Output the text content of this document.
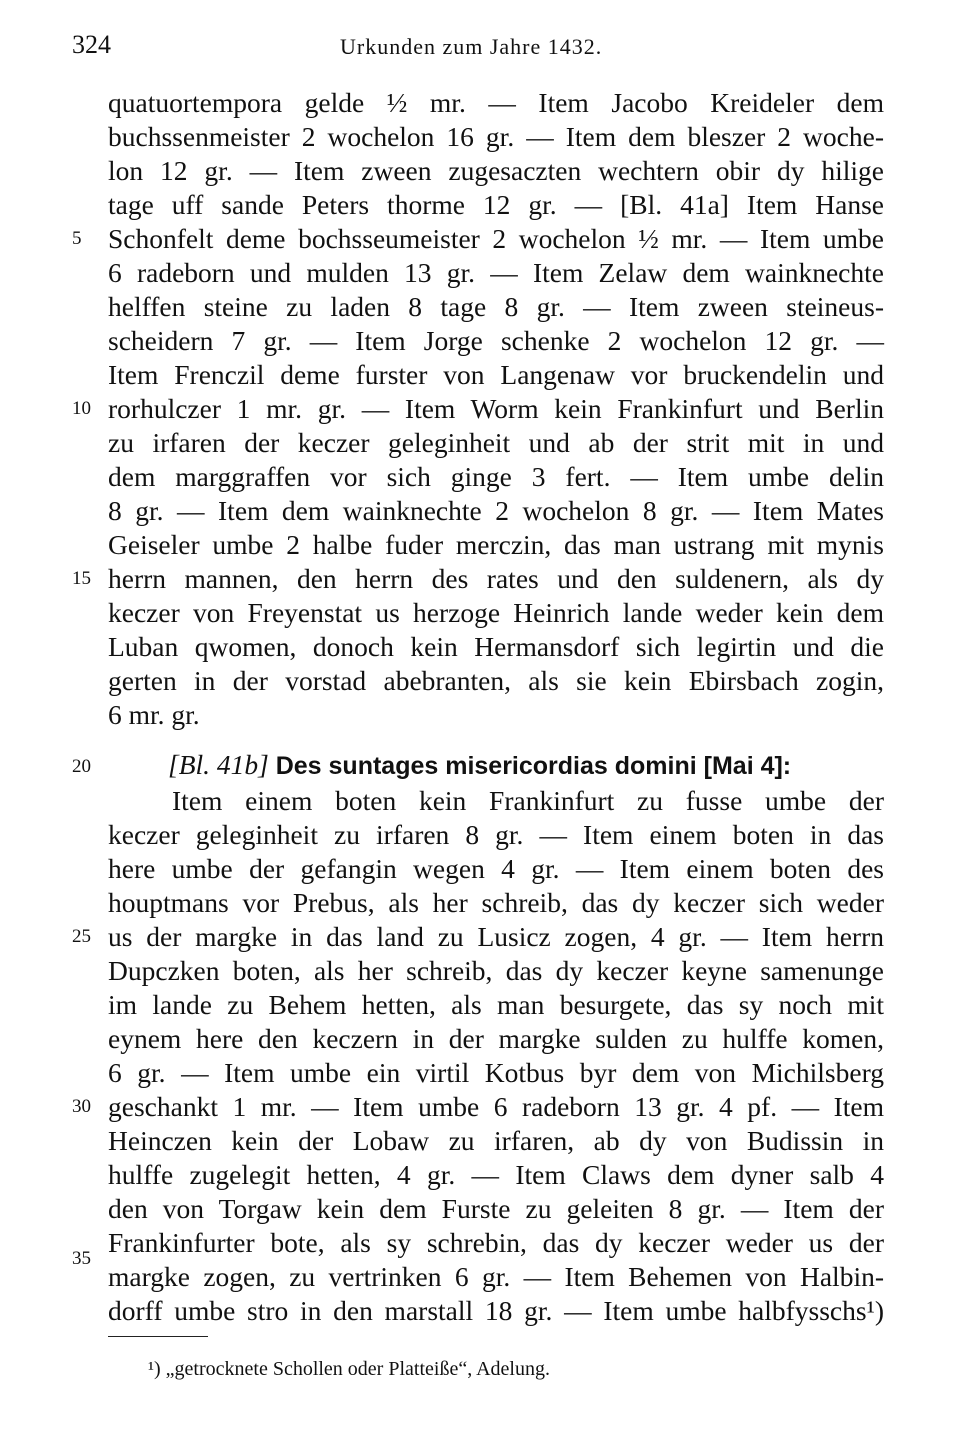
324	Urkunden zum Jahre 1432.
quatuortempora gelde ½ mr. — Item Jacobo Kreideler dem
buchssenmeister 2 wochelon 16 gr. — Item dem bleszer 2 woche-
lon 12 gr. — Item zween zugesaczten wechtern obir dy hilige
tage uff sande Peters thorme 12 gr. — [Bl. 41a] Item Hanse
Schonfelt deme bochsseumeister 2 wochelon ½ mr. — Item umbe
6 radeborn und mulden 13 gr. — Item Zelaw dem wainknechte
helffen steine zu laden 8 tage 8 gr. — Item zween steineus-
scheidern 7 gr. — Item Jorge schenke 2 wochelon 12 gr. —
Item Frenczil deme furster von Langenaw vor bruckendelin und
rorhulczer 1 mr. gr. — Item Worm kein Frankinfurt und Berlin
zu irfaren der keczer geleginheit und ab der strit mit in und
dem marggraffen vor sich ginge 3 fert. — Item umbe delin
8 gr. — Item dem wainknechte 2 wochelon 8 gr. — Item Mates
Geiseler umbe 2 halbe fuder merczin, das man ustrang mit mynis
herrn mannen, den herrn des rates und den suldenern, als dy
keczer von Freyenstat us herzoge Heinrich lande weder kein dem
Luban qwomen, donoch kein Hermansdorf sich legirtin und die
gerten in der vorstad abebranten, als sie kein Ebirsbach zogin,
6 mr. gr.
[Bl. 41b] Des suntages misericordias domini [Mai 4]:
Item einem boten kein Frankinfurt zu fusse umbe der
keczer geleginheit zu irfaren 8 gr. — Item einem boten in das
here umbe der gefangin wegen 4 gr. — Item einem boten des
houptmans vor Prebus, als her schreib, das dy keczer sich weder
us der margke in das land zu Lusicz zogen, 4 gr. — Item herrn
Dupczken boten, als her schreib, das dy keczer keyne samenunge
im lande zu Behem hetten, als man besurgete, das sy noch mit
eynem here den keczern in der margke sulden zu hulffe komen,
6 gr. — Item umbe ein virtil Kotbus byr dem von Michilsberg
geschankt 1 mr. — Item umbe 6 radeborn 13 gr. 4 pf. — Item
Heinczen kein der Lobaw zu irfaren, ab dy von Budissin in
hulffe zugelegit hetten, 4 gr. — Item Claws dem dyner salb 4
den von Torgaw kein dem Furste zu geleiten 8 gr. — Item der
Frankinfurter bote, als sy schrebin, das dy keczer weder us der
margke zogen, zu vertrinken 6 gr. — Item Behemen von Halbin-
5
10
15
20
25
30
35
¹) „getrocknete Schollen oder Platteiße“, Adelung.
dorff umbe stro in den marstall 18 gr. — Item umbe halbfysschs¹)
